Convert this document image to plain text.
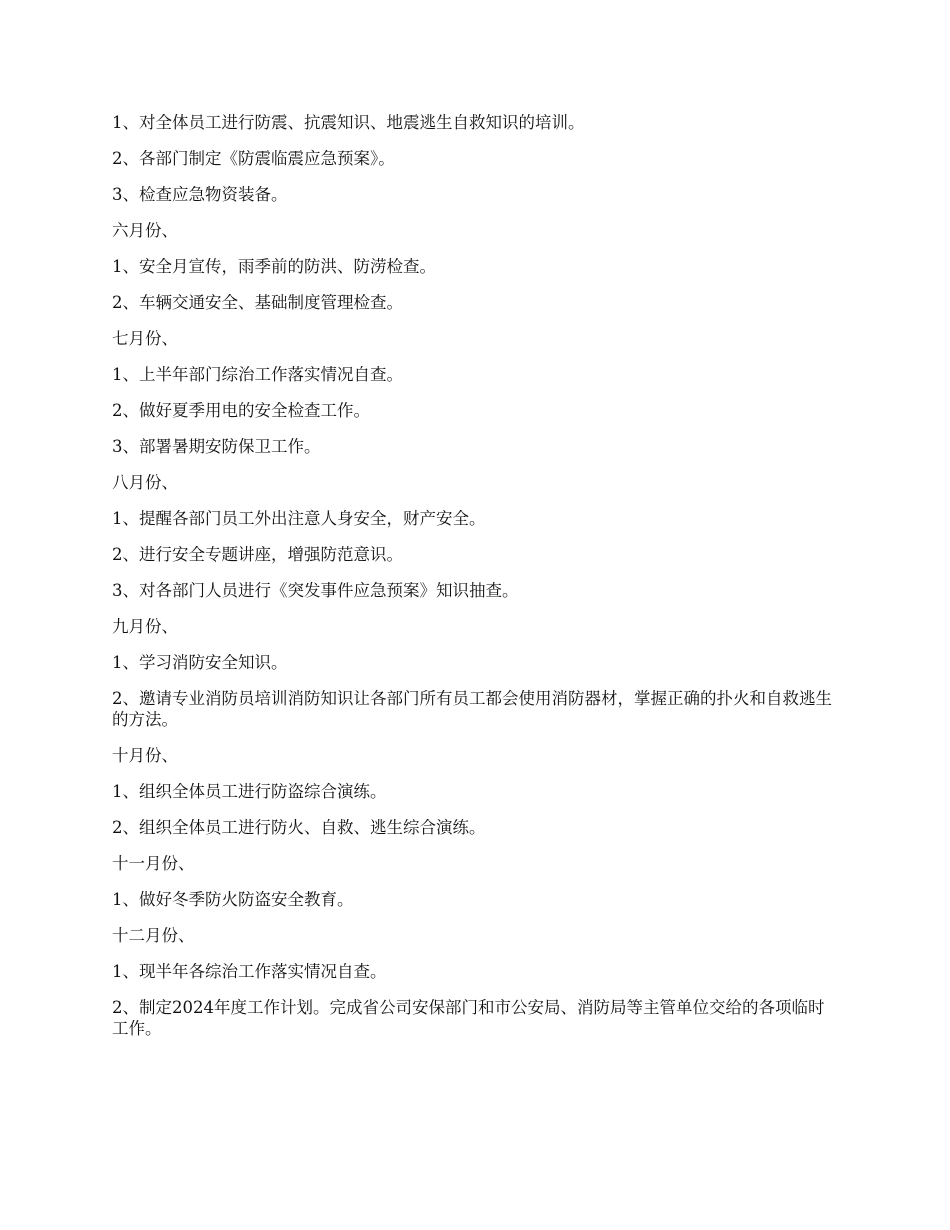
1、对全体员工进行防震、抗震知识、地震逃生自救知识的培训。

2、各部门制定《防震临震应急预案》。

3、检查应急物资装备。

六月份、

1、安全月宣传，雨季前的防洪、防涝检查。

2、车辆交通安全、基础制度管理检查。

七月份、

1、上半年部门综治工作落实情况自查。

2、做好夏季用电的安全检查工作。

3、部署暑期安防保卫工作。

八月份、

1、提醒各部门员工外出注意人身安全，财产安全。

2、进行安全专题讲座，增强防范意识。

3、对各部门人员进行《突发事件应急预案》知识抽查。

九月份、

1、学习消防安全知识。

2、邀请专业消防员培训消防知识让各部门所有员工都会使用消防器材，掌握正确的扑火和自救逃生的方法。

十月份、

1、组织全体员工进行防盗综合演练。

2、组织全体员工进行防火、自救、逃生综合演练。

十一月份、

1、做好冬季防火防盗安全教育。

十二月份、

1、现半年各综治工作落实情况自查。

2、制定2024年度工作计划。完成省公司安保部门和市公安局、消防局等主管单位交给的各项临时工作。
